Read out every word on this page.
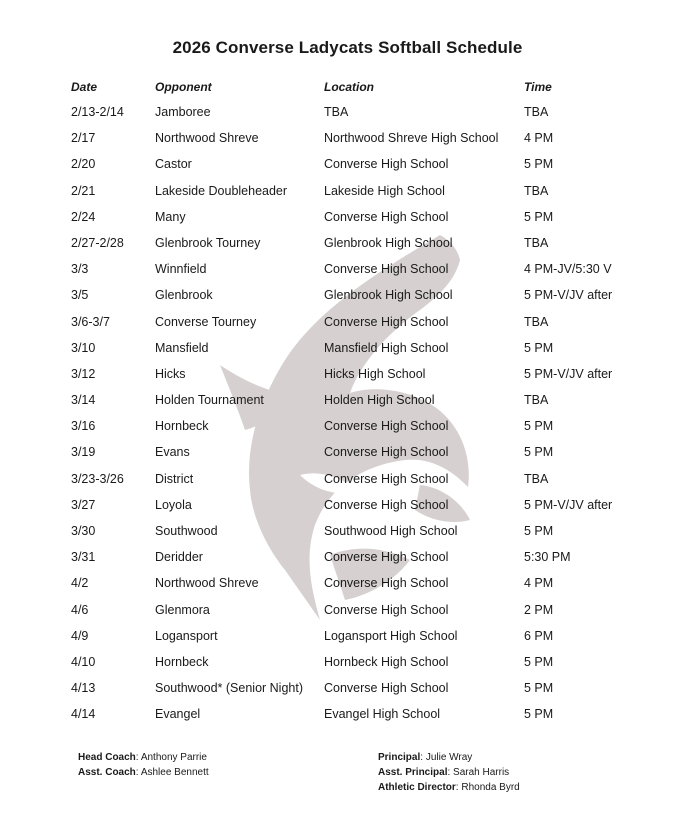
2026 Converse Ladycats Softball Schedule
Date	Opponent	Location	Time
2/13-2/14 Jamboree	TBA	TBA
2/17	Northwood Shreve	Northwood Shreve High School 4 PM
2/20	Castor	Converse High School	5 PM
2/21	Lakeside Doubleheader	Lakeside High School	TBA
2/24	Many	Converse High School	5 PM
2/27-2/28 Glenbrook Tourney	Glenbrook High School	TBA
3/3	Winnfield	Converse High School	4 PM-JV/5:30 V
3/5	Glenbrook	Glenbrook High School	5 PM-V/JV after
3/6-3/7	Converse Tourney	Converse High School	TBA
3/10	Mansfield	Mansfield High School	5 PM
3/12	Hicks	Hicks High School	5 PM-V/JV after
3/14	Holden Tournament	Holden High School	TBA
3/16	Hornbeck	Converse High School	5 PM
3/19	Evans	Converse High School	5 PM
3/23-3/26 District	Converse High School	TBA
3/27	Loyola	Converse High School	5 PM-V/JV after
3/30	Southwood	Southwood High School	5 PM
3/31	Deridder	Converse High School	5:30 PM
4/2	Northwood Shreve	Converse High School	4 PM
4/6	Glenmora	Converse High School	2 PM
4/9	Logansport	Logansport High School	6 PM
4/10	Hornbeck	Hornbeck High School	5 PM
4/13	Southwood* (Senior Night) Converse High School	5 PM
4/14	Evangel	Evangel High School	5 PM
Head Coach: Anthony Parrie
Asst. Coach: Ashlee Bennett
Principal: Julie Wray
Asst. Principal: Sarah Harris
Athletic Director: Rhonda Byrd
